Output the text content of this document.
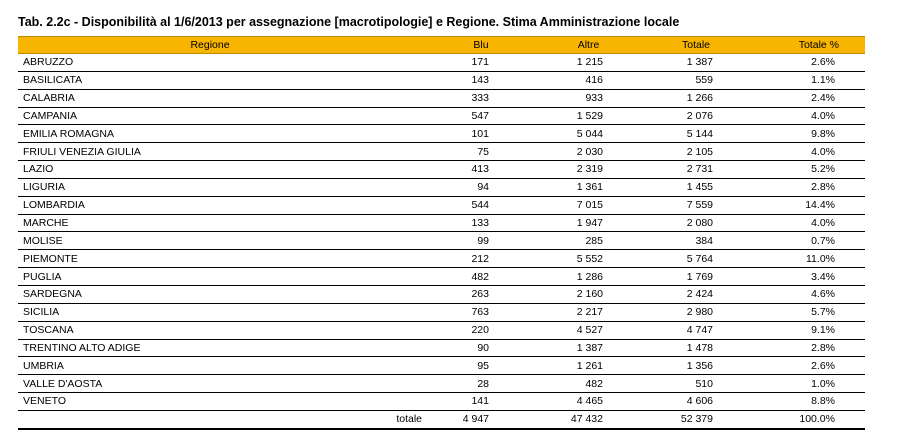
Tab. 2.2c - Disponibilità al 1/6/2013 per assegnazione [macrotipologie] e Regione. Stima Amministrazione locale
Regione	Blu	Altre	Totale	Totale %
ABRUZZO	171	1 215	1 387	2.6%
BASILICATA	143	416	559	1.1%
CALABRIA	333	933	1 266	2.4%
CAMPANIA	547	1 529	2 076	4.0%
EMILIA ROMAGNA	101	5 044	5 144	9.8%
FRIULI VENEZIA GIULIA	75	2 030	2 105	4.0%
LAZIO	413	2 319	2 731	5.2%
LIGURIA	94	1 361	1 455	2.8%
LOMBARDIA	544	7 015	7 559	14.4%
MARCHE	133	1 947	2 080	4.0%
MOLISE	99	285	384	0.7%
PIEMONTE	212	5 552	5 764	11.0%
PUGLIA	482	1 286	1 769	3.4%
SARDEGNA	263	2 160	2 424	4.6%
SICILIA	763	2 217	2 980	5.7%
TOSCANA	220	4 527	4 747	9.1%
TRENTINO ALTO ADIGE	90	1 387	1 478	2.8%
UMBRIA	95	1 261	1 356	2.6%
VALLE D'AOSTA	28	482	510	1.0%
VENETO	141	4 465	4 606	8.8%
totale	4 947	47 432	52 379	100.0%
